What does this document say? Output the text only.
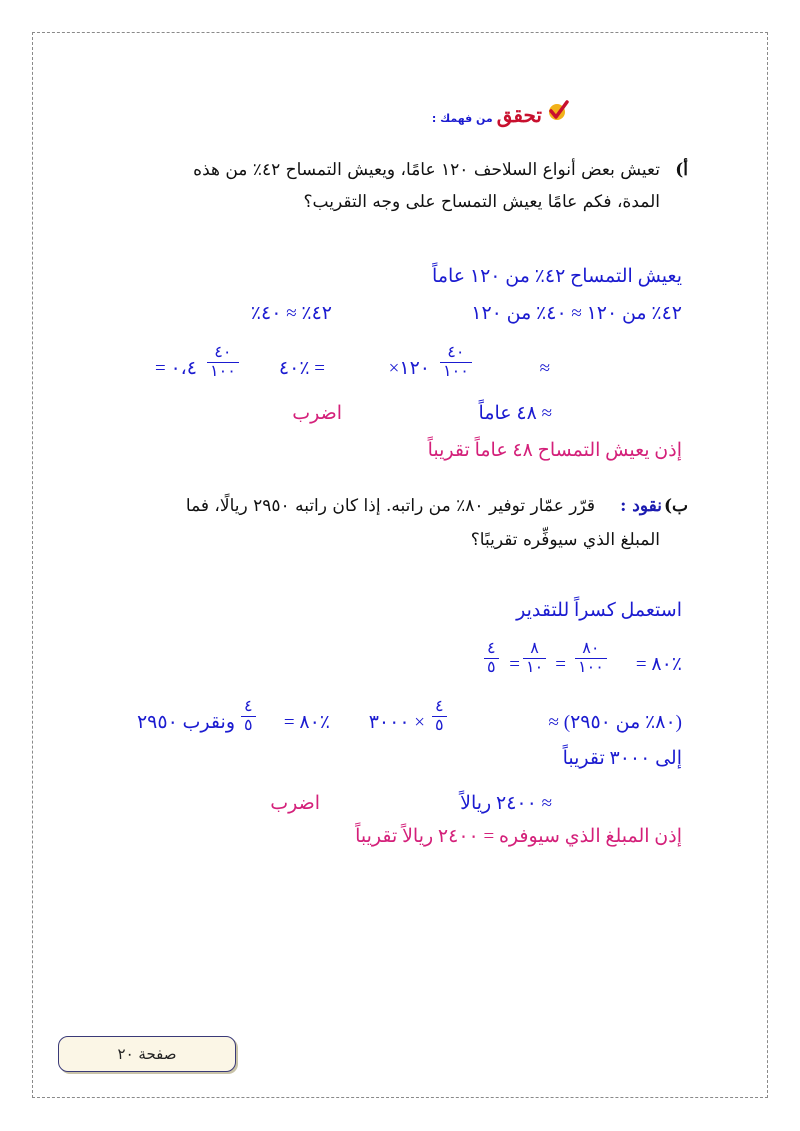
تحقق
من فهمك :
أ)
تعيش بعض أنواع السلاحف ١٢٠ عامًا، ويعيش التمساح ٤٢٪ من هذه
المدة، فكم عامًا يعيش التمساح على وجه التقريب؟
يعيش التمساح ٤٢٪ من ١٢٠ عاماً
٤٢٪ من ١٢٠ ≈ ٤٠٪ من ١٢٠
٤٢٪ ≈ ٤٠٪
≈
٤٠
١٠٠
١٢٠×
= ٪٤٠
٤٠
١٠٠
٠،٤ =
≈ ٤٨ عاماً
اضرب
إذن يعيش التمساح ٤٨ عاماً تقريباً
ب)
نقود :
قرّر عمّار توفير ٨٠٪ من راتبه. إذا كان راتبه ٢٩٥٠ ريالًا، فما
المبلغ الذي سيوفِّره تقريبًا؟
استعمل كسراً للتقدير
٪٨٠ =
٨٠
١٠٠
=
٨
١٠
=
٤
٥
(٨٠٪ من ٢٩٥٠) ≈
٤
٥
× ٣٠٠٠
٪٨٠ =
٤
٥
ونقرب ٢٩٥٠
إلى ٣٠٠٠ تقريباً
≈ ٢٤٠٠ ريالاً
اضرب
إذن المبلغ الذي سيوفره = ٢٤٠٠ ريالاً تقريباً
صفحة ٢٠
